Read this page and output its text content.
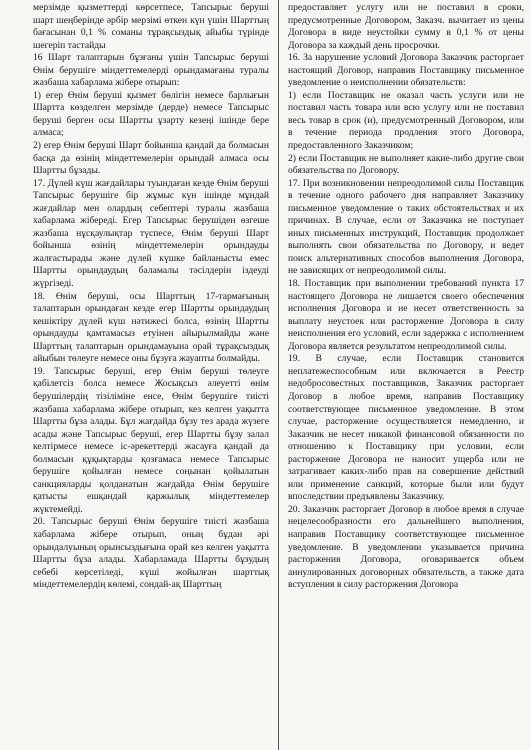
мерзімде қызметтерді көрсетпесе, Тапсырыс беруші шарт шеңберінде әрбір мерзімі өткен күн үшін Шарттың бағасынан 0,1 % соманы тұрақсыздық айыбы түрінде шегеріп тастайды

16 Шарт талаптарын бұзғаны үшін Тапсырыс беруші Өнім берушіге міндеттемелерді орындамағаны туралы жазбаша хабарлама жібере отырып:

1) егер Өнім беруші қызмет бөлігін немесе барлығын Шартта көзделген мерзімде (дерде) немесе Тапсырыс беруші берген осы Шартты ұзарту кезеңі ішінде бере алмаса;

2) егер Өнім беруші Шарт бойынша қандай да болмасын басқа да өзінің міндеттемелерін орындай алмаса осы Шартты бұзады.

17. Дүлей күш жағдайлары туындаған кезде Өнім беруші Тапсырыс берушіге бір жұмыс күн ішінде мұндай жағдайлар мен олардың себептері туралы жазбаша хабарлама жібереді. Егер Тапсырыс берушіден өзгеше жазбаша нұсқаулықтар түспесе, Өнім беруші Шарт бойынша өзінің міндеттемелерін орындауды жалғастырады және дүлей күшке байланысты емес Шартты орындаудың баламалы тәсілдерін іздеуді жүргізеді.

18. Өнім беруші, осы Шарттың 17-тармағының талаптарын орындаған кезде егер Шартты орындаудың кешіктіру дүлей күш нәтижесі болса, өзінің Шартты орындауды қамтамасыз етуінен айырылмайды және Шарттың талаптарын орындамауына орай тұрақсыздық айыбын төлеуге немесе оны бұзуға жауапты болмайды.

19. Тапсырыс беруші, егер Өнім беруші төлеуге қабілетсіз болса немесе Жосықсыз әлеуетті өнім берушілердің тізіліміне енсе, Өнім берушіге тиісті жазбаша хабарлама жібере отырып, кез келген уақытта Шартты бұза алады. Бұл жағдайда бұзу тез арада жүзеге асады және Тапсырыс беруші, егер Шартты бұзу залал келтірмесе немесе іс-әрекеттерді жасауға қандай да болмасын құқықтарды қозғамаса немесе Тапсырыс берушіге қойылған немесе соңынан қойылатын санкцияларды қолданатын жағдайда Өнім берушіге қатысты ешқандай қаржылық міндеттемелер жүктемейді.

20. Тапсырыс беруші Өнім берушіге тиісті жазбаша хабарлама жібере отырып, оның бұдан әрі орындалуының орынсыздығына орай кез келген уақытта Шартты бұза алады. Хабарламада Шартты бұзудың себебі көрсетіледі, күші жойылған шарттық міндеттемелердің көлемі, сондай-ақ Шарттың

предоставляет услугу или не поставил в сроки, предусмотренные Договором, Заказч. вычитает из цены Договора в виде неустойки сумму в 0,1 % от цены Договора за каждый день просрочки.

16. За нарушение условий Договора Заказчик расторгает настоящий Договор, направив Поставщику письменное уведомление о неисполнении обязательств:

1) если Поставщик не оказал часть услуги или не поставил часть товара или всю услугу или не поставил весь товар в срок (и), предусмотренный Договором, или в течение периода продления этого Договора, предоставленного Заказчиком;

2) если Поставщик не выполняет какие-либо другие свои обязательства по Договору.

17. При возникновении непреодолимой силы Поставщик в течение одного рабочего дня направляет Заказчику письменное уведомление о таких обстоятельствах и их причинах. В случае, если от Заказчика не поступает иных письменных инструкций, Поставщик продолжает выполнять свои обязательства по Договору, и ведет поиск альтернативных способов выполнения Договора, не зависящих от непреодолимой силы.

18. Поставщик при выполнении требований пункта 17 настоящего Договора не лишается своего обеспечения исполнения Договора и не несет ответственность за выплату неустоек или расторжение Договора в силу неисполнения его условий, если задержка с исполнением Договора является результатом непреодолимой силы.

19. В случае, если Поставщик становится неплатежеспособным или включается в Реестр недобросовестных поставщиков, Заказчик расторгает Договор в любое время, направив Поставщику соответствующее письменное уведомление. В этом случае, расторжение осуществляется немедленно, и Заказчик не несет никакой финансовой обязанности по отношению к Поставщику при условии, если расторжение Договора не наносит ущерба или не затрагивает каких-либо прав на совершение действий или применение санкций, которые были или будут впоследствии предъявлены Заказчику.

20. Заказчик расторгает Договор в любое время в случае нецелесообразности его дальнейшего выполнения, направив Поставщику соответствующее письменное уведомление. В уведомлении указывается причина расторжения Договора, оговаривается объем аннулированных договорных обязательств, а также дата вступления в силу расторжения Договора
